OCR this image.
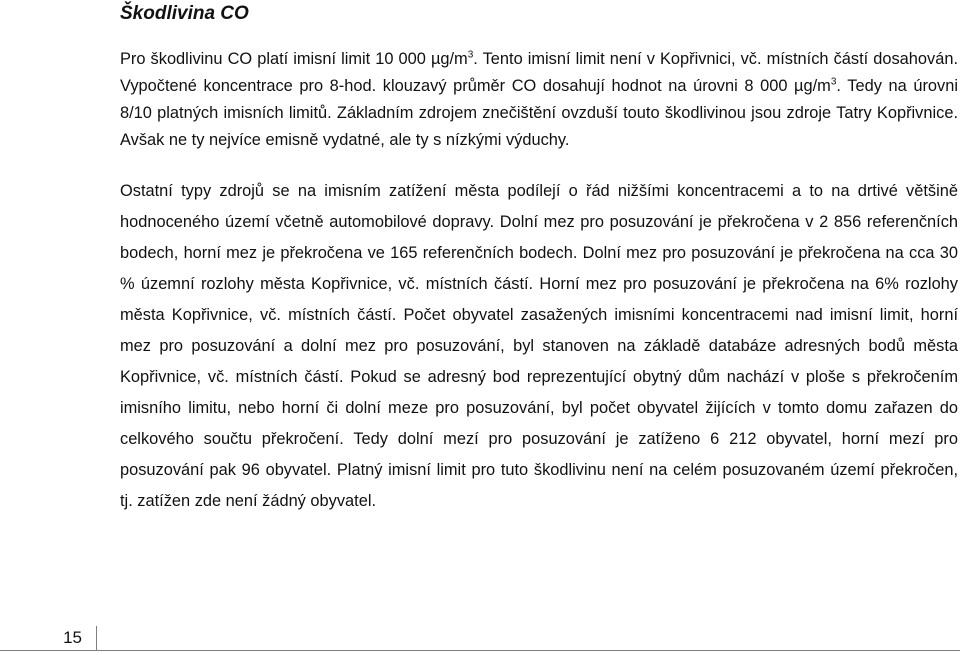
Škodlivina CO

Pro škodlivinu CO platí imisní limit 10 000 $\mu g/m^3$. Tento imisní limit není v Kopřivnici, vč. místních částí dosahován. Vypočtené koncentrace pro 8-hod. klouzavý průměr CO dosahují hodnot na úrovni 8 000 $\mu g/m^3$. Tedy na úrovni 8/10 platných imisních limitů. Základním zdrojem znečištění ovzduší touto škodlivinou jsou zdroje Tatry Kopřivnice. Avšak ne ty nejvíce emisně vydatné, ale ty s nízkými výduchy.

Ostatní typy zdrojů se na imisním zatížení města podílejí o řád nižšími koncentracemi a to na drtivé většině hodnoceného území včetně automobilové dopravy. Dolní mez pro posuzování je překročena v 2 856 referenčních bodech, horní mez je překročena ve 165 referenčních bodech. Dolní mez pro posuzování je překročena na cca 30 % územní rozlohy města Kopřivnice, vč. místních částí. Horní mez pro posuzování je překročena na 6% rozlohy města Kopřivnice, vč. místních částí. Počet obyvatel zasažených imisními koncentracemi nad imisní limit, horní mez pro posuzování a dolní mez pro posuzování, byl stanoven na základě databáze adresných bodů města Kopřivnice, vč. místních částí. Pokud se adresný bod reprezentující obytný dům nachází v ploše s překročením imisního limitu, nebo horní či dolní meze pro posuzování, byl počet obyvatel žijících v tomto domu zařazen do celkového součtu překročení. Tedy dolní mezí pro posuzování je zatíženo 6 212 obyvatel, horní mezí pro posuzování pak 96 obyvatel. Platný imisní limit pro tuto škodlivinu není na celém posuzovaném území překročen, tj. zatížen zde není žádný obyvatel.

15
